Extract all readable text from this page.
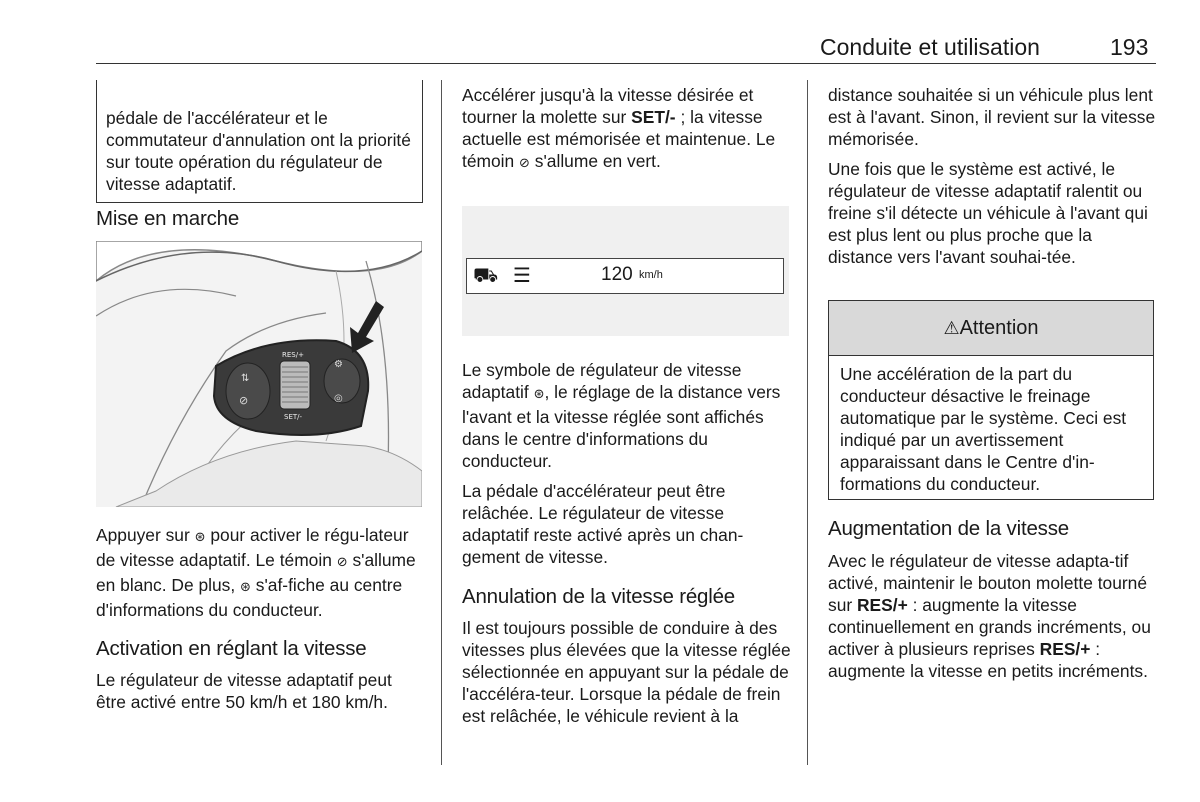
Conduite et utilisation	193

pédale de l'accélérateur et le commutateur d'annulation ont la priorité sur toute opération du régulateur de vitesse adaptatif.

Mise en marche
⇅
⊘
RES/+
SET/-
⚙
◎

Appuyer sur ⊛ pour activer le régu-lateur de vitesse adaptatif. Le témoin ⊘ s'allume en blanc. De plus, ⊛ s'af-fiche au centre d'informations du conducteur.

Activation en réglant la vitesse

Le régulateur de vitesse adaptatif peut être activé entre 50 km/h et 180 km/h.

Accélérer jusqu'à la vitesse désirée et tourner la molette sur SET/- ; la vitesse actuelle est mémorisée et maintenue. Le témoin ⊘ s'allume en vert.

⛟ ☰	120 km/h

Le symbole de régulateur de vitesse adaptatif ⊛, le réglage de la distance vers l'avant et la vitesse réglée sont affichés dans le centre d'informations du conducteur.

La pédale d'accélérateur peut être relâchée. Le régulateur de vitesse adaptatif reste activé après un chan-gement de vitesse.

Annulation de la vitesse réglée

Il est toujours possible de conduire à des vitesses plus élevées que la vitesse réglée sélectionnée en appuyant sur la pédale de l'accéléra-teur. Lorsque la pédale de frein est relâchée, le véhicule revient à la

distance souhaitée si un véhicule plus lent est à l'avant. Sinon, il revient sur la vitesse mémorisée.

Une fois que le système est activé, le régulateur de vitesse adaptatif ralentit ou freine s'il détecte un véhicule à l'avant qui est plus lent ou plus proche que la distance vers l'avant souhai-tée.

⚠Attention
Une accélération de la part du conducteur désactive le freinage automatique par le système. Ceci est indiqué par un avertissement apparaissant dans le Centre d'in-formations du conducteur.
Augmentation de la vitesse

Avec le régulateur de vitesse adapta-tif activé, maintenir le bouton molette tourné sur RES/+ : augmente la vitesse continuellement en grands incréments, ou activer à plusieurs reprises RES/+ : augmente la vitesse en petits incréments.
